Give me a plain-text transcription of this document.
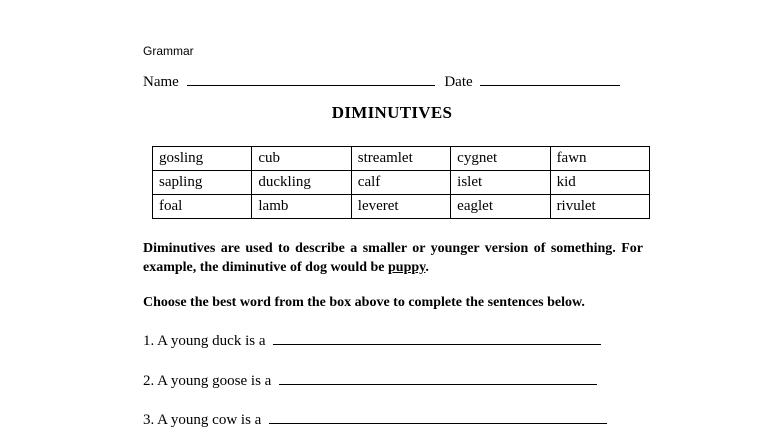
Grammar
Name	Date
DIMINUTIVES
gosling	cub	streamlet	cygnet	fawn
sapling	duckling	calf	islet	kid
foal	lamb	leveret	eaglet	rivulet
Diminutives are used to describe a smaller or younger version of something. For example, the diminutive of dog would be puppy.
Choose the best word from the box above to complete the sentences below.
1. A young duck is a
2. A young goose is a
3. A young cow is a
